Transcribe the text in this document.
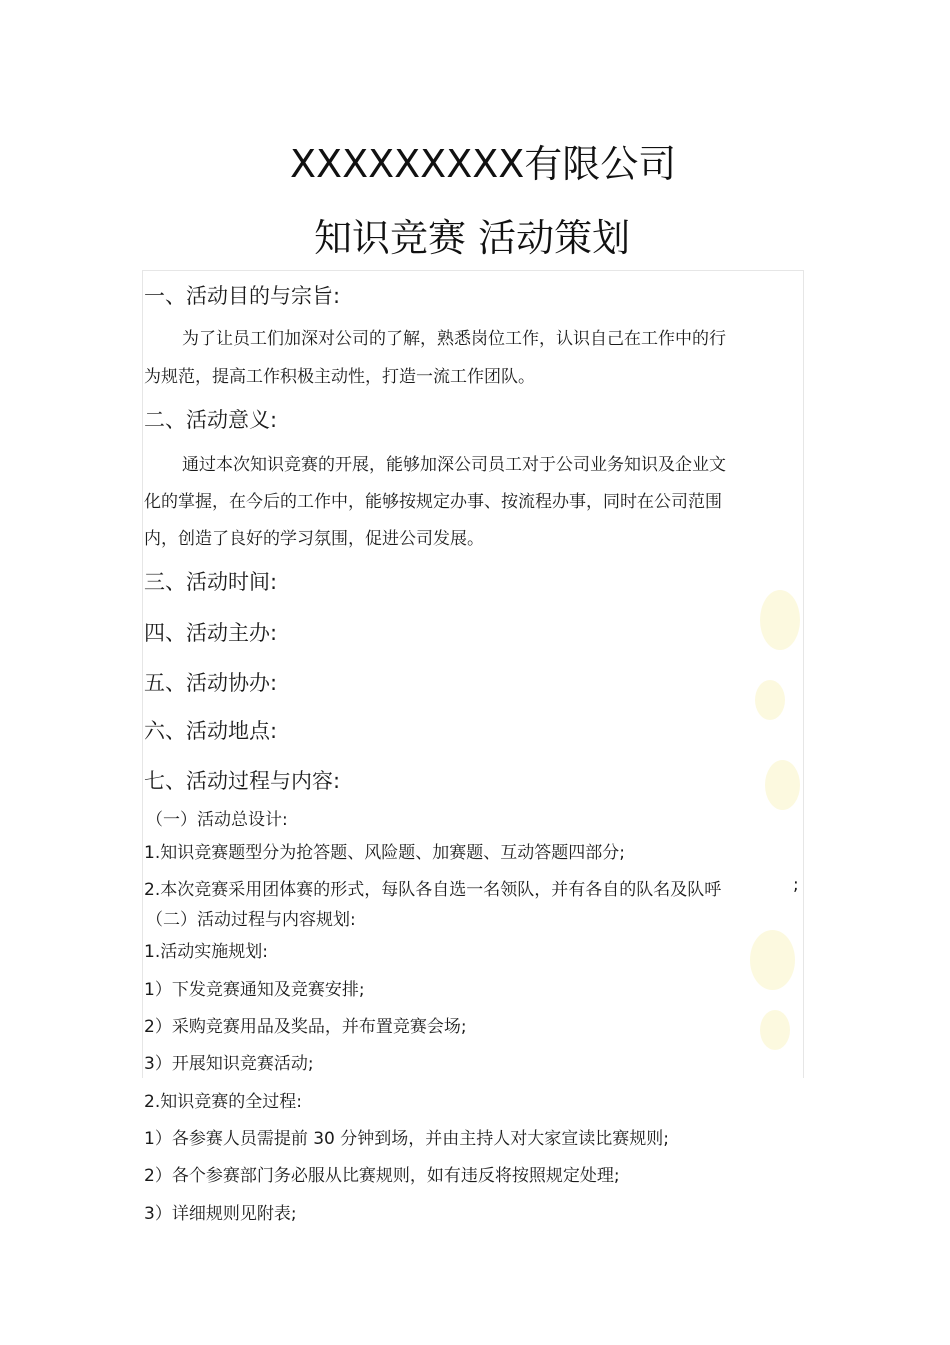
XXXXXXXXX有限公司
知识竞赛 活动策划
一、活动目的与宗旨:
为了让员工们加深对公司的了解，熟悉岗位工作，认识自己在工作中的行
为规范，提高工作积极主动性，打造一流工作团队。
二、活动意义:
通过本次知识竞赛的开展，能够加深公司员工对于公司业务知识及企业文
化的掌握，在今后的工作中，能够按规定办事、按流程办事，同时在公司范围
内，创造了良好的学习氛围，促进公司发展。
三、活动时间:
四、活动主办:
五、活动协办:
六、活动地点:
七、活动过程与内容:
（一）活动总设计:
1.知识竞赛题型分为抢答题、风险题、加赛题、互动答题四部分;
2.本次竞赛采用团体赛的形式，每队各自选一名领队，并有各自的队名及队呼	;
（二）活动过程与内容规划:
1.活动实施规划:
1）下发竞赛通知及竞赛安排;
2）采购竞赛用品及奖品，并布置竞赛会场;
3）开展知识竞赛活动;
2.知识竞赛的全过程:
1）各参赛人员需提前 30 分钟到场，并由主持人对大家宣读比赛规则;
2）各个参赛部门务必服从比赛规则，如有违反将按照规定处理;
3）详细规则见附表;
